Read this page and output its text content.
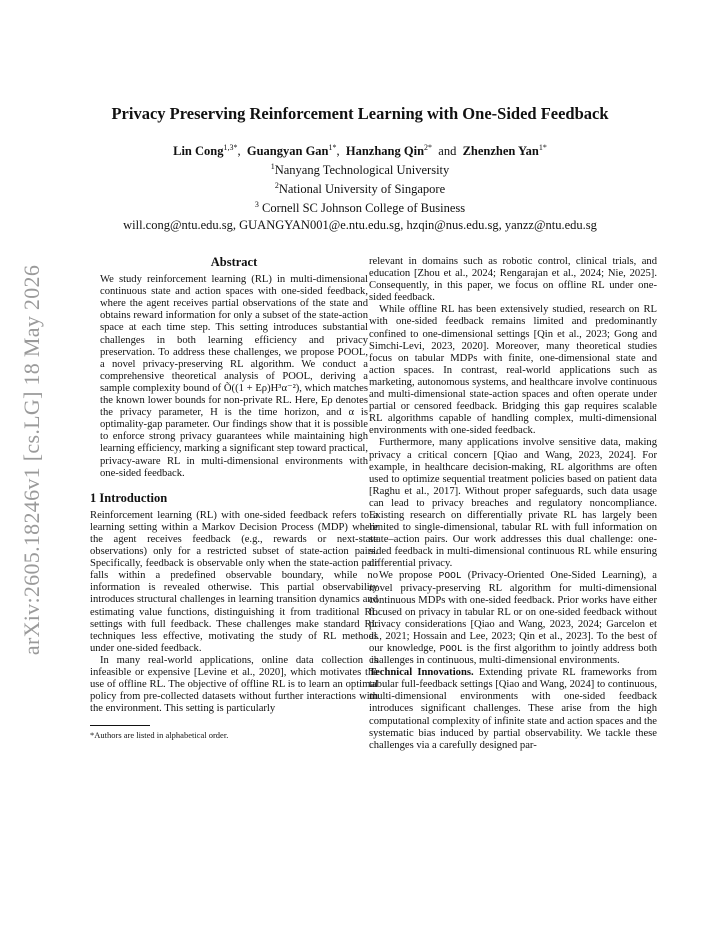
arXiv:2605.18246v1 [cs.LG] 18 May 2026
Privacy Preserving Reinforcement Learning with One-Sided Feedback
Lin Cong$^{1,3*}$,  Guangyan Gan$^{1*}$,  Hanzhang Qin$^{2*}$ and Zhenzhen Yan$^{1*}$
$^1$Nanyang Technological University
$^2$National University of Singapore
$^3$ Cornell SC Johnson College of Business
will.cong@ntu.edu.sg, GUANGYAN001@e.ntu.edu.sg, hzqin@nus.edu.sg, yanzz@ntu.edu.sg
Abstract

We study reinforcement learning (RL) in multi-dimensional continuous state and action spaces with one-sided feedback, where the agent receives partial observations of the state and obtains reward information for only a subset of the state-action space at each time step. This setting introduces substantial challenges in both learning efficiency and privacy preservation. To address these challenges, we propose POOL, a novel privacy-preserving RL algorithm. We conduct a comprehensive theoretical analysis of POOL, deriving a sample complexity bound of Õ((1 + Eρ)H³α⁻²), which matches the known lower bounds for non-private RL. Here, Eρ denotes the privacy parameter, H is the time horizon, and α is optimality-gap parameter. Our findings show that it is possible to enforce strong privacy guarantees while maintaining high learning efficiency, marking a significant step toward practical, privacy-aware RL in multi-dimensional environments with one-sided feedback.

1 Introduction

Reinforcement learning (RL) with one-sided feedback refers to a learning setting within a Markov Decision Process (MDP) where the agent receives feedback (e.g., rewards or next-state observations) only for a restricted subset of state-action pairs. Specifically, feedback is observable only when the state-action pair falls within a predefined observable boundary, while no information is revealed otherwise. This partial observability introduces structural challenges in learning transition dynamics and estimating value functions, distinguishing it from traditional RL settings with full feedback. These challenges make standard RL techniques less effective, motivating the study of RL methods under one-sided feedback.

In many real-world applications, online data collection is infeasible or expensive [Levine et al., 2020], which motivates the use of offline RL. The objective of offline RL is to learn an optimal policy from pre-collected datasets without further interactions with the environment. This setting is particularly

*Authors are listed in alphabetical order.

relevant in domains such as robotic control, clinical trials, and education [Zhou et al., 2024; Rengarajan et al., 2024; Nie, 2025]. Consequently, in this paper, we focus on offline RL under one-sided feedback.

While offline RL has been extensively studied, research on RL with one-sided feedback remains limited and predominantly confined to one-dimensional settings [Qin et al., 2023; Gong and Simchi-Levi, 2023, 2020]. Moreover, many theoretical studies focus on tabular MDPs with finite, one-dimensional state and action spaces. In contrast, real-world applications such as marketing, autonomous systems, and healthcare involve continuous and multi-dimensional state-action spaces and often operate under partial or censored feedback. Bridging this gap requires scalable RL algorithms capable of handling complex, multi-dimensional environments with one-sided feedback.

Furthermore, many applications involve sensitive data, making privacy a critical concern [Qiao and Wang, 2023, 2024]. For example, in healthcare decision-making, RL algorithms are often used to optimize sequential treatment policies based on patient data [Raghu et al., 2017]. Without proper safeguards, such data usage can lead to privacy breaches and regulatory noncompliance. Existing research on differentially private RL has largely been limited to single-dimensional, tabular RL with full information on state–action pairs. Our work addresses this dual challenge: one-sided feedback in multi-dimensional continuous RL while ensuring differential privacy.

We propose POOL (Privacy-Oriented One-Sided Learning), a novel privacy-preserving RL algorithm for multi-dimensional continuous MDPs with one-sided feedback. Prior works have either focused on privacy in tabular RL or on one-sided feedback without privacy considerations [Qiao and Wang, 2023, 2024; Garcelon et al., 2021; Hossain and Lee, 2023; Qin et al., 2023]. To the best of our knowledge, POOL is the first algorithm to jointly address both challenges in continuous, multi-dimensional environments.

Technical Innovations. Extending private RL frameworks from tabular full-feedback settings [Qiao and Wang, 2024] to continuous, multi-dimensional environments with one-sided feedback introduces significant challenges. These arise from the high computational complexity of infinite state and action spaces and the systematic bias induced by partial observability. We tackle these challenges via a carefully designed par-
